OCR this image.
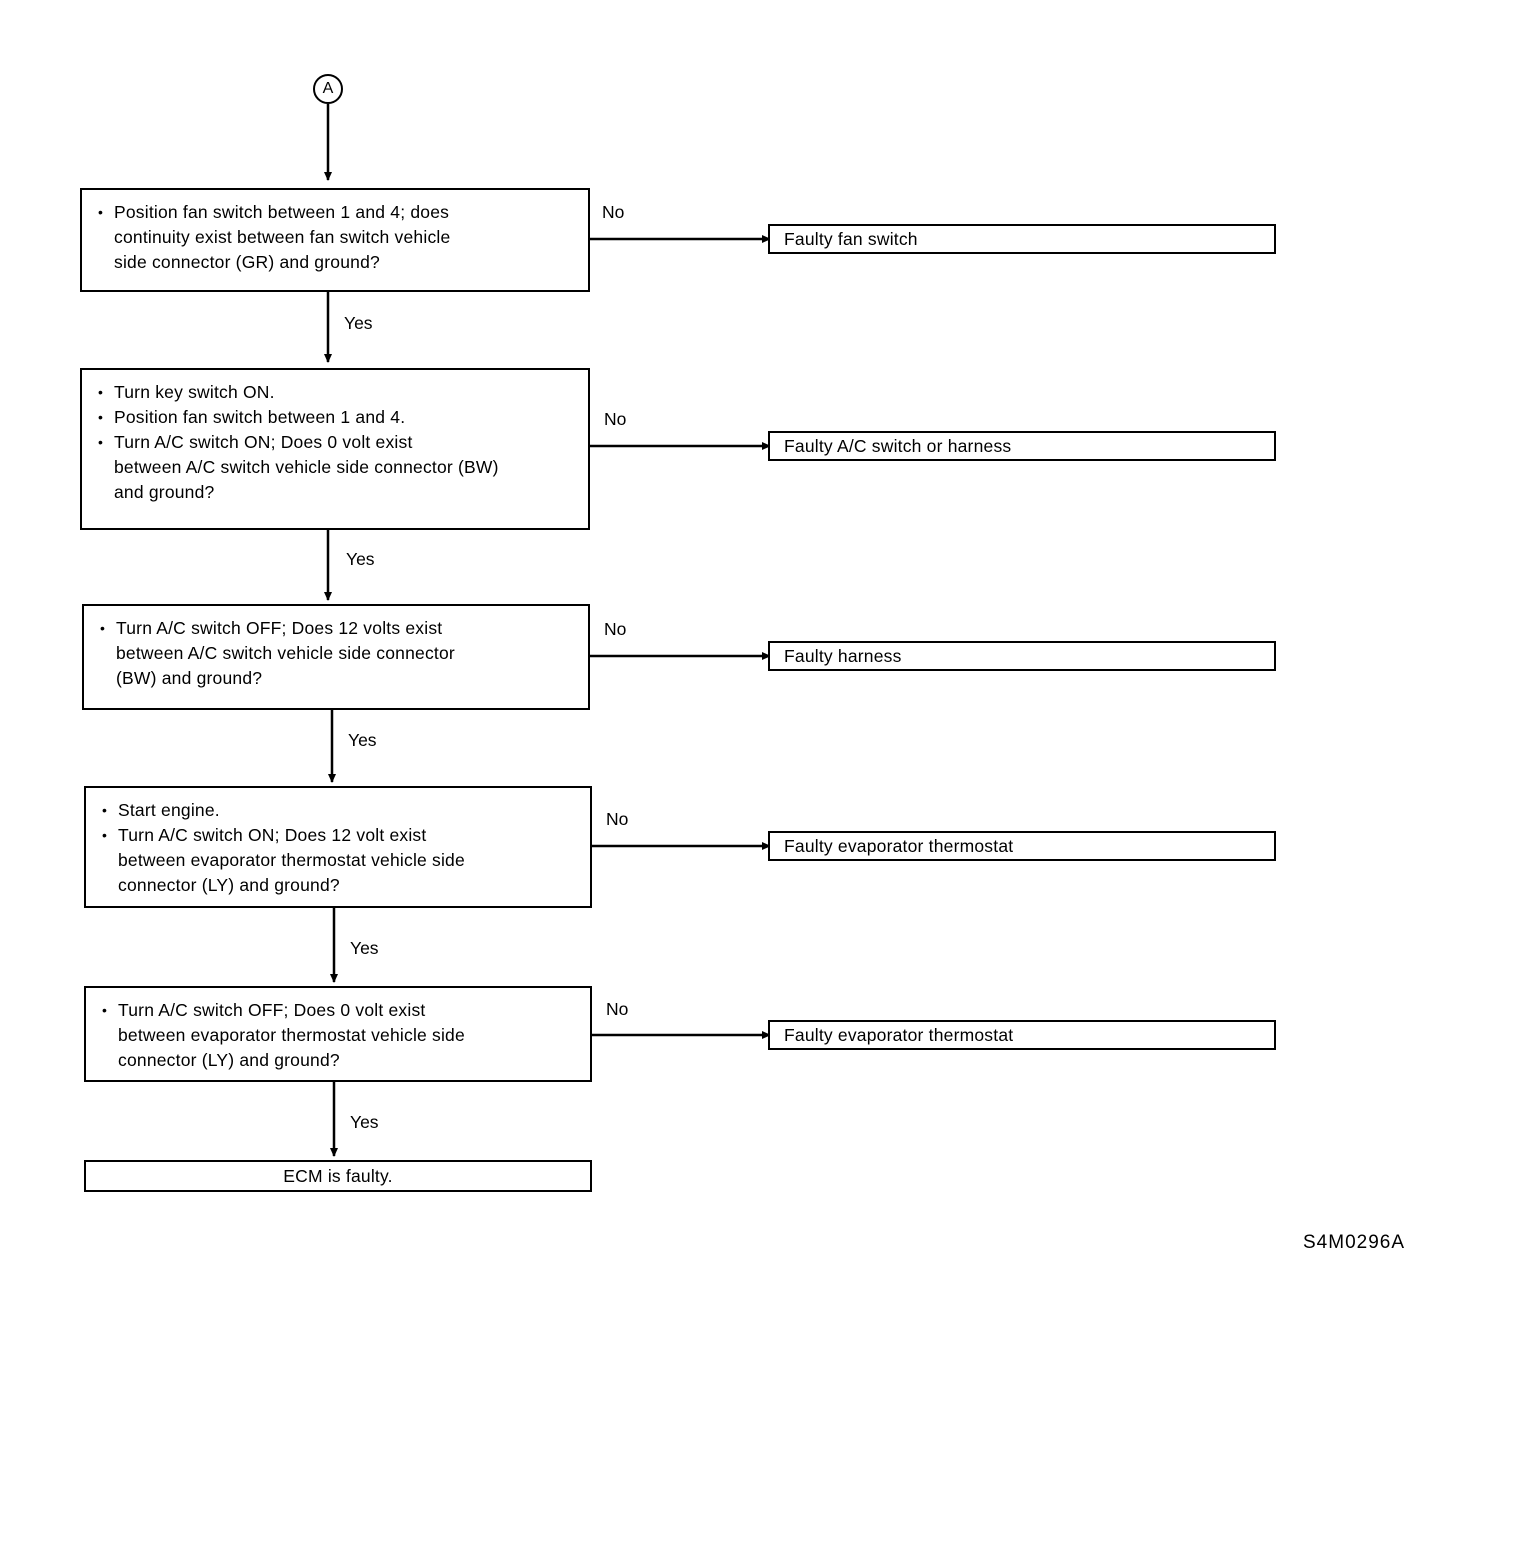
A
• Position fan switch between 1 and 4; does
continuity exist between fan switch vehicle
side connector (GR) and ground?
No
Yes
Faulty fan switch
• Turn key switch ON.
• Position fan switch between 1 and 4.
• Turn A/C switch ON; Does 0 volt exist
between A/C switch vehicle side connector (BW)
and ground?
No
Yes
Faulty A/C switch or harness
• Turn A/C switch OFF; Does 12 volts exist
between A/C switch vehicle side connector
(BW) and ground?
No
Yes
Faulty harness
• Start engine.
• Turn A/C switch ON; Does 12 volt exist
between evaporator thermostat vehicle side
connector (LY) and ground?
No
Yes
Faulty evaporator thermostat
• Turn A/C switch OFF; Does 0 volt exist
between evaporator thermostat vehicle side
connector (LY) and ground?
No
Yes
Faulty evaporator thermostat
ECM is faulty.
S4M0296A
